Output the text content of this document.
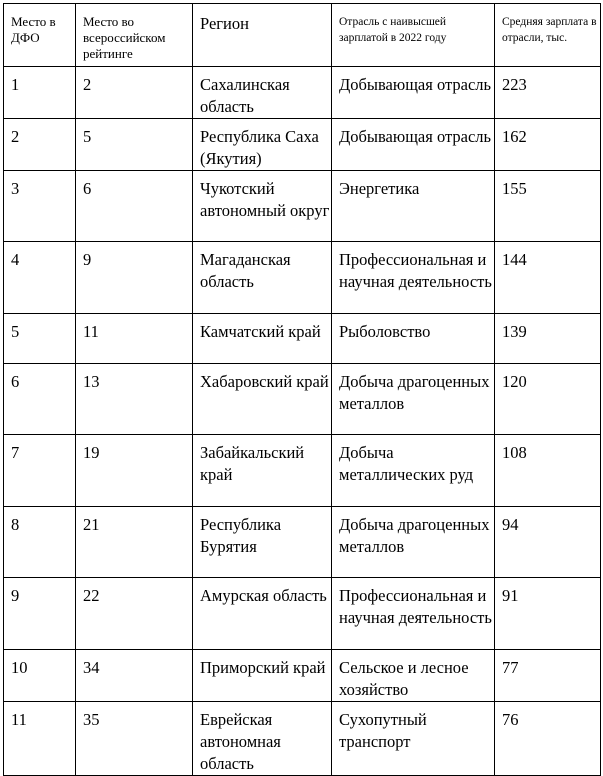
Место в ДФО	Место во всероссийском рейтинге	Регион	Отрасль с наивысшей зарплатой в 2022 году	Средняя зарплата в отрасли, тыс.
1	2	Сахалинская область	Добывающая отрасль	223
2	5	Республика Саха (Якутия)	Добывающая отрасль	162
3	6	Чукотский автономный округ	Энергетика	155
4	9	Магаданская область	Профессиональная и научная деятельность	144
5	11	Камчатский край	Рыболовство	139
6	13	Хабаровский край	Добыча драгоценных металлов	120
7	19	Забайкальский край	Добыча металлических руд	108
8	21	Республика Бурятия	Добыча драгоценных металлов	94
9	22	Амурская область	Профессиональная и научная деятельность	91
10	34	Приморский край	Сельское и лесное хозяйство	77
11	35	Еврейская автономная область	Сухопутный транспорт	76
